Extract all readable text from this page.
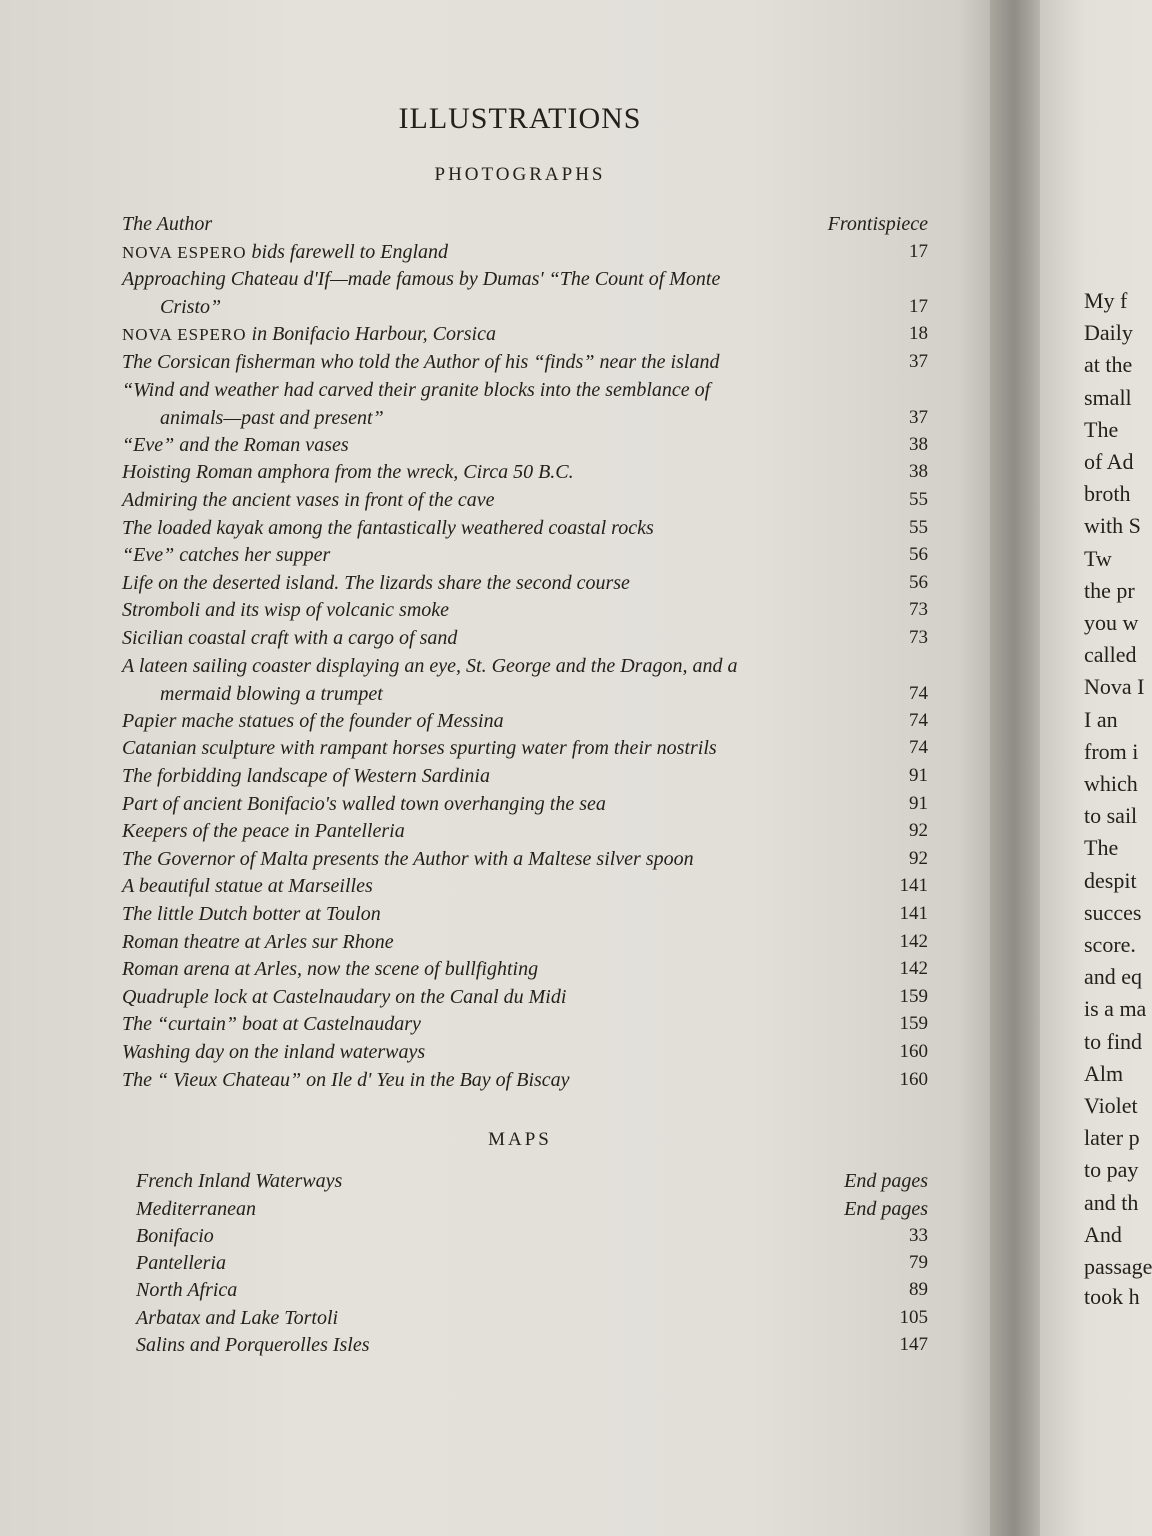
My f
Daily
at the
small
The
of Ad
broth
with S
Tw
the pr
you w
called
Nova I
I an
from i
which
to sail
The
despit
succes
score.
and eq
is a ma
to find
Alm
Violet
later p
to pay
and th
And
passage
took h
ILLUSTRATIONS
PHOTOGRAPHS
MAPS
The Author	Frontispiece
NOVA ESPERO bids farewell to England	17
Approaching Chateau d'If—made famous by Dumas' “The Count of Monte
Cristo”	17
NOVA ESPERO in Bonifacio Harbour, Corsica	18
The Corsican fisherman who told the Author of his “finds” near the island	37
“Wind and weather had carved their granite blocks into the semblance of
animals—past and present”	37
“Eve” and the Roman vases	38
Hoisting Roman amphora from the wreck, Circa 50 B.C.	38
Admiring the ancient vases in front of the cave	55
The loaded kayak among the fantastically weathered coastal rocks	55
“Eve” catches her supper	56
Life on the deserted island. The lizards share the second course	56
Stromboli and its wisp of volcanic smoke	73
Sicilian coastal craft with a cargo of sand	73
A lateen sailing coaster displaying an eye, St. George and the Dragon, and a
mermaid blowing a trumpet	74
Papier mache statues of the founder of Messina	74
Catanian sculpture with rampant horses spurting water from their nostrils	74
The forbidding landscape of Western Sardinia	91
Part of ancient Bonifacio's walled town overhanging the sea	91
Keepers of the peace in Pantelleria	92
The Governor of Malta presents the Author with a Maltese silver spoon	92
A beautiful statue at Marseilles	141
The little Dutch botter at Toulon	141
Roman theatre at Arles sur Rhone	142
Roman arena at Arles, now the scene of bullfighting	142
Quadruple lock at Castelnaudary on the Canal du Midi	159
The “curtain” boat at Castelnaudary	159
Washing day on the inland waterways	160
The “ Vieux Chateau” on Ile d' Yeu in the Bay of Biscay	160
French Inland Waterways	End pages
Mediterranean	End pages
Bonifacio	33
Pantelleria	79
North Africa	89
Arbatax and Lake Tortoli	105
Salins and Porquerolles Isles	147
